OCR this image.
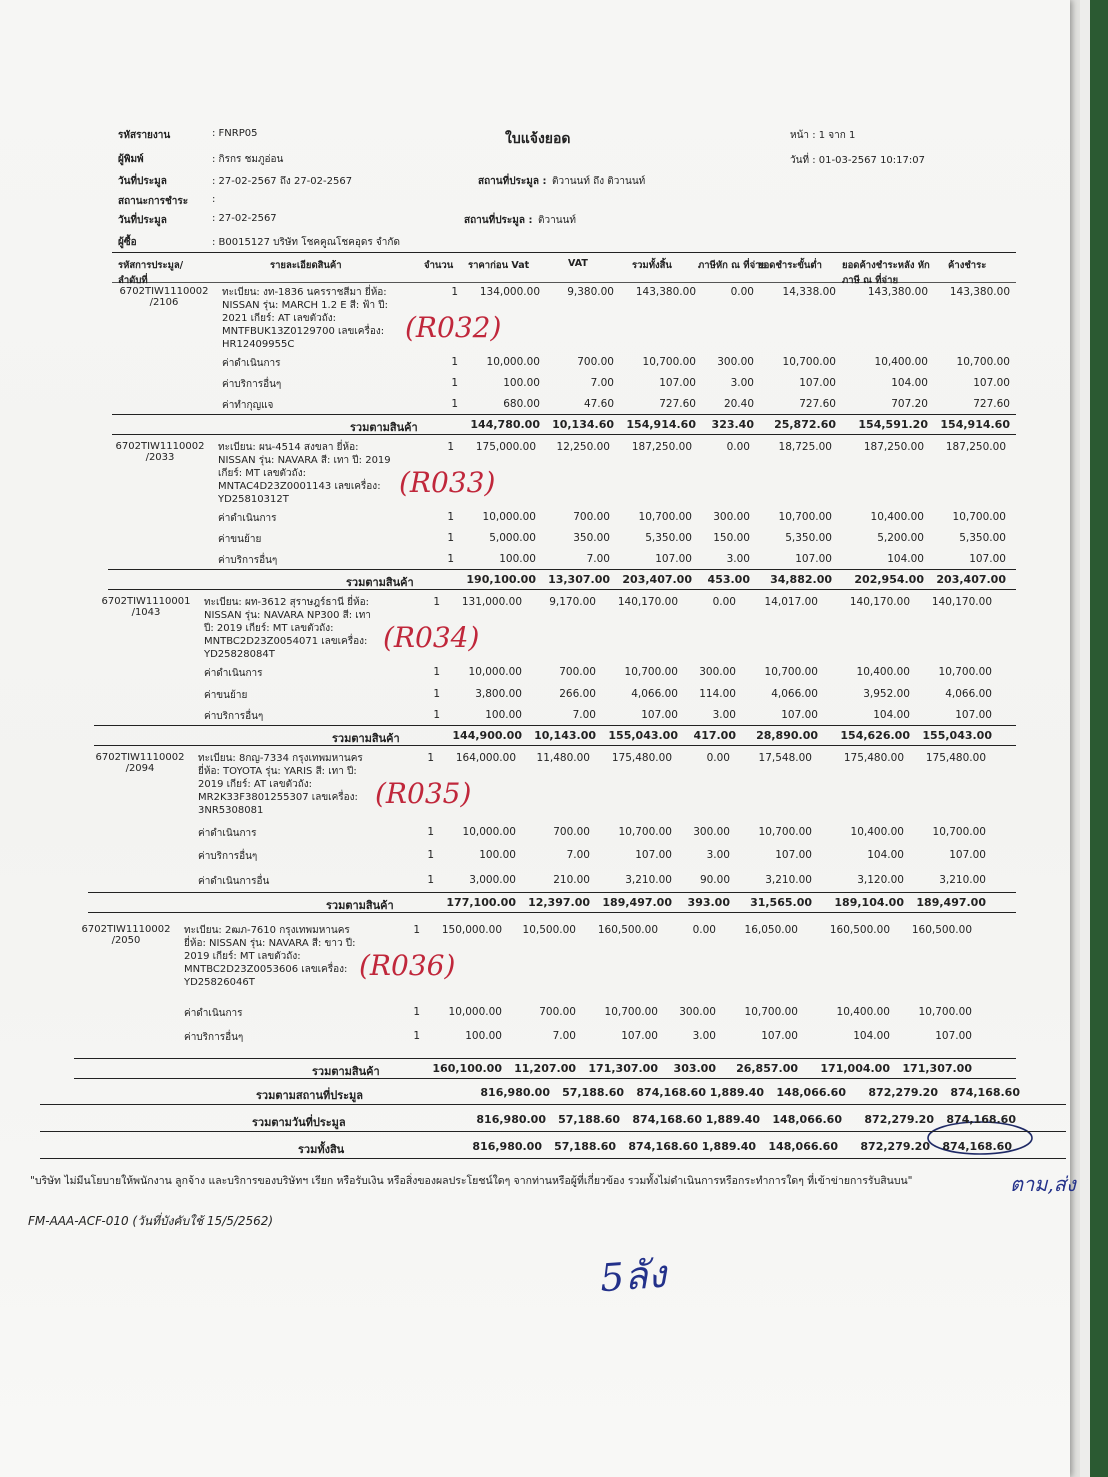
รหัสรายงาน	: FNRP05
ผู้พิมพ์	: กิรกร ชมภูอ่อน
วันที่ประมูล	: 27-02-2567 ถึง 27-02-2567
สถานะการชำระ :
วันที่ประมูล	: 27-02-2567
ผู้ซื้อ	: B0015127 บริษัท โชคคูณโชคอุดร จำกัด
ใบแจ้งยอด
สถานที่ประมูล : ติวานนท์ ถึง ติวานนท์
สถานที่ประมูล : ติวานนท์
หน้า : 1 จาก 1
วันที่ : 01-03-2567 10:17:07
"บริษัท ไม่มีนโยบายให้พนักงาน ลูกจ้าง และบริการของบริษัทฯ เรียก หรือรับเงิน หรือสิ่งของผลประโยชน์ใดๆ จากท่านหรือผู้ที่เกี่ยวข้อง รวมทั้งไม่ดำเนินการหรือกระทำการใดๆ ที่เข้าข่ายการรับสินบน"
FM-AAA-ACF-010 (วันที่บังคับใช้ 15/5/2562)
ตาม,ส่ง
5ลัง
รหัสการประมูล/ ลำดับที่
รายละเอียดสินค้า	จำนวน	ราคาก่อน Vat	VAT	รวมทั้งสิ้น	ภาษีหัก ณ ที่จ่าย
ยอดชำระขั้นต่ำ	ยอดค้างชำระหลัง หักภาษี ณ ที่จ่าย
ค้างชำระ
6702TIW1110002
/2106
ทะเบียน: งท-1836 นครราชสีมา ยี่ห้อ: NISSAN รุ่น: MARCH 1.2 E สี: ฟ้า ปี: 2021 เกียร์: AT เลขตัวถัง: MNTFBUK13Z0129700 เลขเครื่อง: HR12409955C
1	134,000.00	9,380.00	143,380.00	0.00	14,338.00	143,380.00	143,380.00
ค่าดำเนินการ	1	10,000.00	700.00	10,700.00	300.00	10,700.00	10,400.00	10,700.00
ค่าบริการอื่นๆ	1	100.00	7.00	107.00	3.00	107.00	104.00	107.00
ค่าทำกุญแจ	1	680.00	47.60	727.60	20.40	727.60	707.20	727.60
รวมตามสินค้า	144,780.00	10,134.60	154,914.60	323.40	25,872.60	154,591.20	154,914.60
(R032)
6702TIW1110002
/2033
ทะเบียน: ผน-4514 สงขลา ยี่ห้อ: NISSAN รุ่น: NAVARA สี: เทา ปี: 2019 เกียร์: MT เลขตัวถัง: MNTAC4D23Z0001143 เลขเครื่อง: YD25810312T
1	175,000.00	12,250.00	187,250.00	0.00	18,725.00	187,250.00	187,250.00
ค่าดำเนินการ	1	10,000.00	700.00	10,700.00	300.00	10,700.00	10,400.00	10,700.00
ค่าขนย้าย	1	5,000.00	350.00	5,350.00	150.00	5,350.00	5,200.00	5,350.00
ค่าบริการอื่นๆ	1	100.00	7.00	107.00	3.00	107.00	104.00	107.00
รวมตามสินค้า	190,100.00	13,307.00	203,407.00	453.00	34,882.00	202,954.00	203,407.00
(R033)
6702TIW1110001
/1043
ทะเบียน: ผท-3612 สุราษฎร์ธานี ยี่ห้อ: NISSAN รุ่น: NAVARA NP300 สี: เทา ปี: 2019 เกียร์: MT เลขตัวถัง: MNTBC2D23Z0054071 เลขเครื่อง: YD25828084T
1	131,000.00	9,170.00	140,170.00	0.00	14,017.00	140,170.00	140,170.00
ค่าดำเนินการ	1	10,000.00	700.00	10,700.00	300.00	10,700.00	10,400.00	10,700.00
ค่าขนย้าย	1	3,800.00	266.00	4,066.00	114.00	4,066.00	3,952.00	4,066.00
ค่าบริการอื่นๆ	1	100.00	7.00	107.00	3.00	107.00	104.00	107.00
รวมตามสินค้า	144,900.00	10,143.00	155,043.00	417.00	28,890.00	154,626.00	155,043.00
(R034)
6702TIW1110002
/2094
ทะเบียน: 8กญ-7334 กรุงเทพมหานคร ยี่ห้อ: TOYOTA รุ่น: YARIS สี: เทา ปี: 2019 เกียร์: AT เลขตัวถัง: MR2K33F3801255307 เลขเครื่อง: 3NR5308081
1	164,000.00	11,480.00	175,480.00	0.00	17,548.00	175,480.00	175,480.00
ค่าดำเนินการ	1	10,000.00	700.00	10,700.00	300.00	10,700.00	10,400.00	10,700.00
ค่าบริการอื่นๆ	1	100.00	7.00	107.00	3.00	107.00	104.00	107.00
ค่าดำเนินการอื่น	1	3,000.00	210.00	3,210.00	90.00	3,210.00	3,120.00	3,210.00
รวมตามสินค้า	177,100.00	12,397.00	189,497.00	393.00	31,565.00	189,104.00	189,497.00
(R035)
6702TIW1110002
/2050
ทะเบียน: 2ฒภ-7610 กรุงเทพมหานคร ยี่ห้อ: NISSAN รุ่น: NAVARA สี: ขาว ปี: 2019 เกียร์: MT เลขตัวถัง: MNTBC2D23Z0053606 เลขเครื่อง: YD25826046T
1	150,000.00	10,500.00	160,500.00	0.00	16,050.00	160,500.00	160,500.00
ค่าดำเนินการ	1	10,000.00	700.00	10,700.00	300.00	10,700.00	10,400.00	10,700.00
ค่าบริการอื่นๆ	1	100.00	7.00	107.00	3.00	107.00	104.00	107.00
รวมตามสินค้า	160,100.00	11,207.00	171,307.00	303.00	26,857.00	171,004.00	171,307.00
(R036)
รวมตามสถานที่ประมูล	816,980.00	57,188.60	874,168.60 1,889.40	148,066.60	872,279.20	874,168.60
รวมตามวันที่ประมูล	816,980.00	57,188.60	874,168.60 1,889.40	148,066.60	872,279.20	874,168.60
รวมทั้งสิน	816,980.00	57,188.60	874,168.60 1,889.40	148,066.60	872,279.20	874,168.60
